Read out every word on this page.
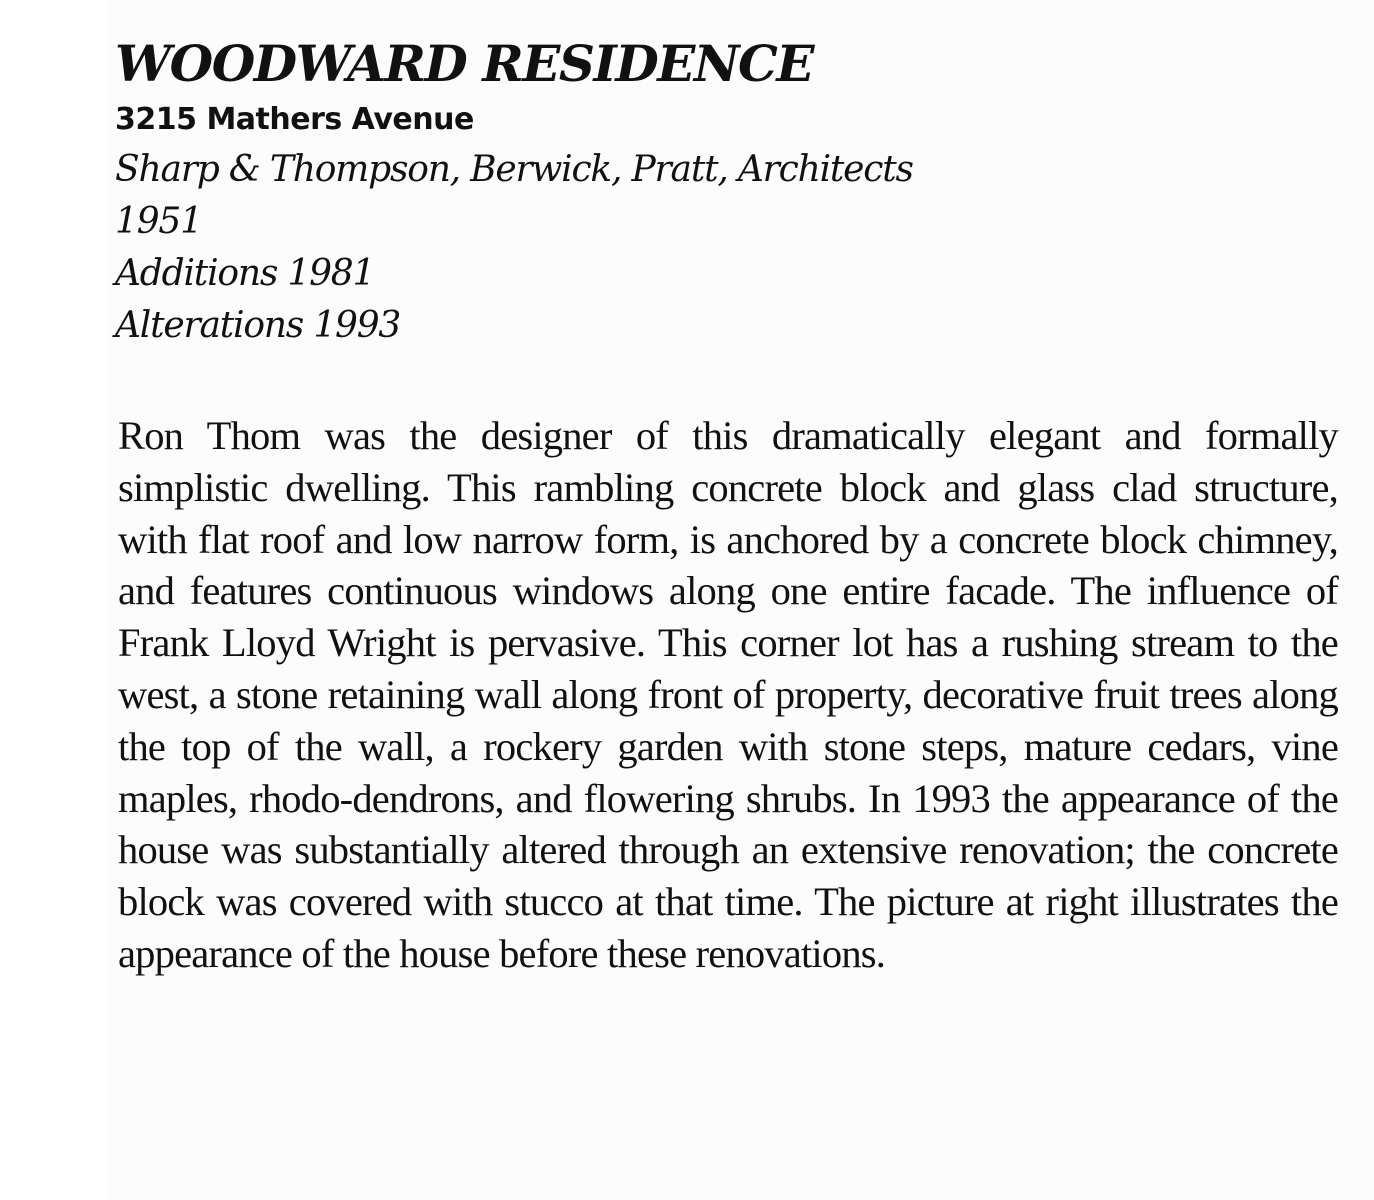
WOODWARD RESIDENCE
3215 Mathers Avenue
Sharp & Thompson, Berwick, Pratt, Architects
1951
Additions 1981
Alterations 1993

Ron Thom was the designer of this dramatically elegant and formally simplistic dwelling. This rambling concrete block and glass clad structure, with flat roof and low narrow form, is anchored by a concrete block chimney, and features continuous windows along one entire facade. The influence of Frank Lloyd Wright is pervasive. This corner lot has a rushing stream to the west, a stone retaining wall along front of property, decorative fruit trees along the top of the wall, a rockery garden with stone steps, mature cedars, vine maples, rhodo-dendrons, and flowering shrubs. In 1993 the appearance of the house was substantially altered through an extensive renovation; the concrete block was covered with stucco at that time. The picture at right illustrates the appearance of the house before these renovations.
